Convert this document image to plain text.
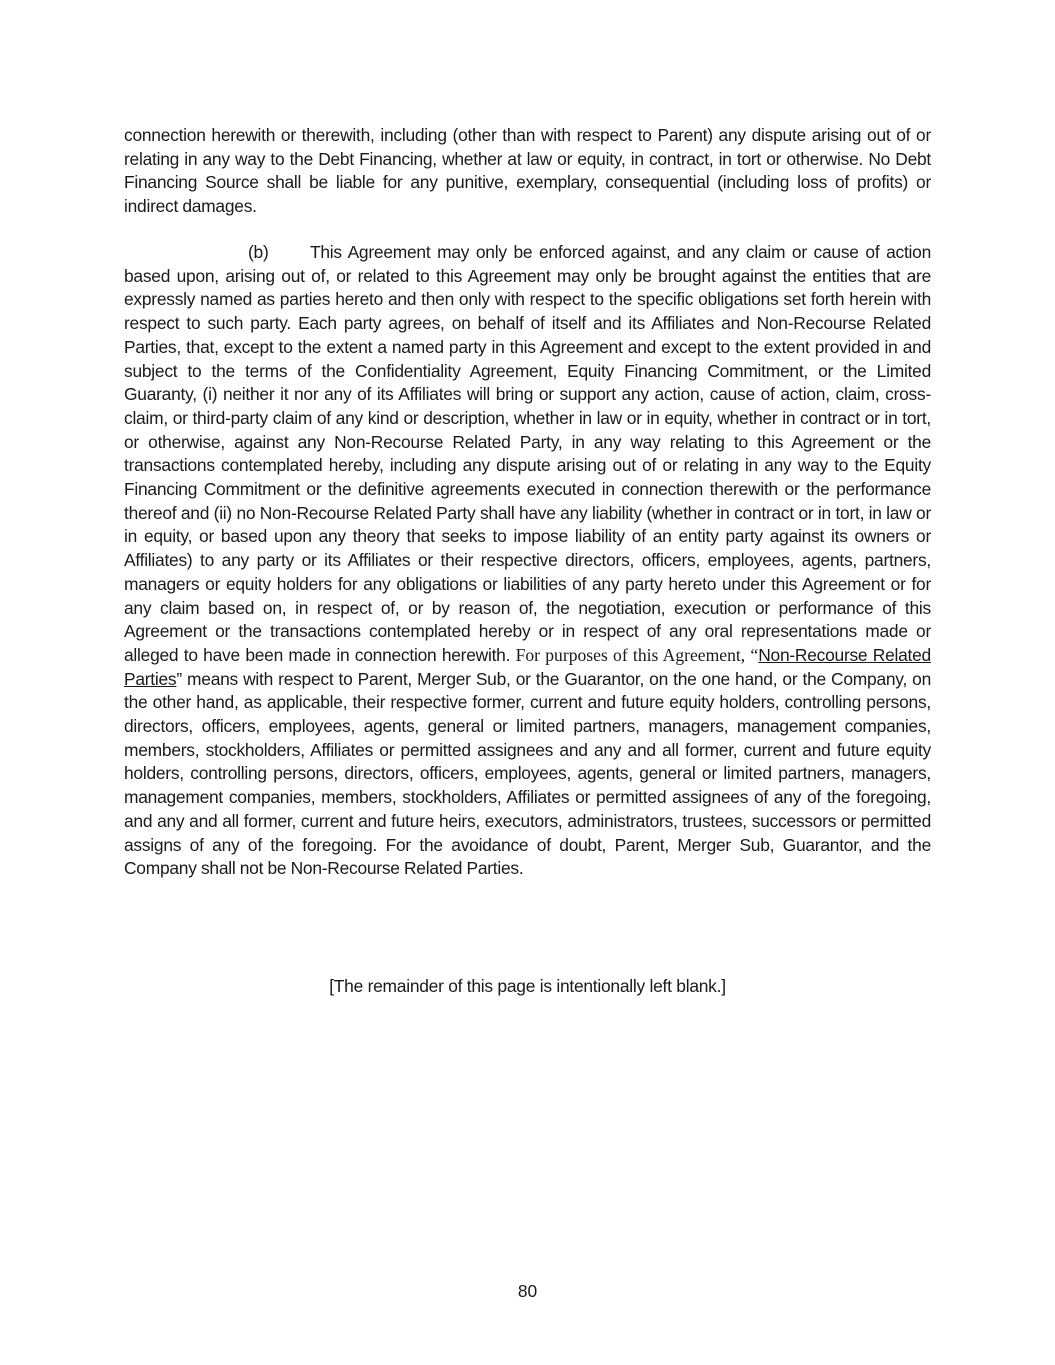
connection herewith or therewith, including (other than with respect to Parent) any dispute arising out of or relating in any way to the Debt Financing, whether at law or equity, in contract, in tort or otherwise. No Debt Financing Source shall be liable for any punitive, exemplary, consequential (including loss of profits) or indirect damages.

(b) This Agreement may only be enforced against, and any claim or cause of action based upon, arising out of, or related to this Agreement may only be brought against the entities that are expressly named as parties hereto and then only with respect to the specific obligations set forth herein with respect to such party. Each party agrees, on behalf of itself and its Affiliates and Non-Recourse Related Parties, that, except to the extent a named party in this Agreement and except to the extent provided in and subject to the terms of the Confidentiality Agreement, Equity Financing Commitment, or the Limited Guaranty, (i) neither it nor any of its Affiliates will bring or support any action, cause of action, claim, cross-claim, or third-party claim of any kind or description, whether in law or in equity, whether in contract or in tort, or otherwise, against any Non-Recourse Related Party, in any way relating to this Agreement or the transactions contemplated hereby, including any dispute arising out of or relating in any way to the Equity Financing Commitment or the definitive agreements executed in connection therewith or the performance thereof and (ii) no Non-Recourse Related Party shall have any liability (whether in contract or in tort, in law or in equity, or based upon any theory that seeks to impose liability of an entity party against its owners or Affiliates) to any party or its Affiliates or their respective directors, officers, employees, agents, partners, managers or equity holders for any obligations or liabilities of any party hereto under this Agreement or for any claim based on, in respect of, or by reason of, the negotiation, execution or performance of this Agreement or the transactions contemplated hereby or in respect of any oral representations made or alleged to have been made in connection herewith. For purposes of this Agreement, “Non-Recourse Related Parties” means with respect to Parent, Merger Sub, or the Guarantor, on the one hand, or the Company, on the other hand, as applicable, their respective former, current and future equity holders, controlling persons, directors, officers, employees, agents, general or limited partners, managers, management companies, members, stockholders, Affiliates or permitted assignees and any and all former, current and future equity holders, controlling persons, directors, officers, employees, agents, general or limited partners, managers, management companies, members, stockholders, Affiliates or permitted assignees of any of the foregoing, and any and all former, current and future heirs, executors, administrators, trustees, successors or permitted assigns of any of the foregoing. For the avoidance of doubt, Parent, Merger Sub, Guarantor, and the Company shall not be Non-Recourse Related Parties.

[The remainder of this page is intentionally left blank.]

80
